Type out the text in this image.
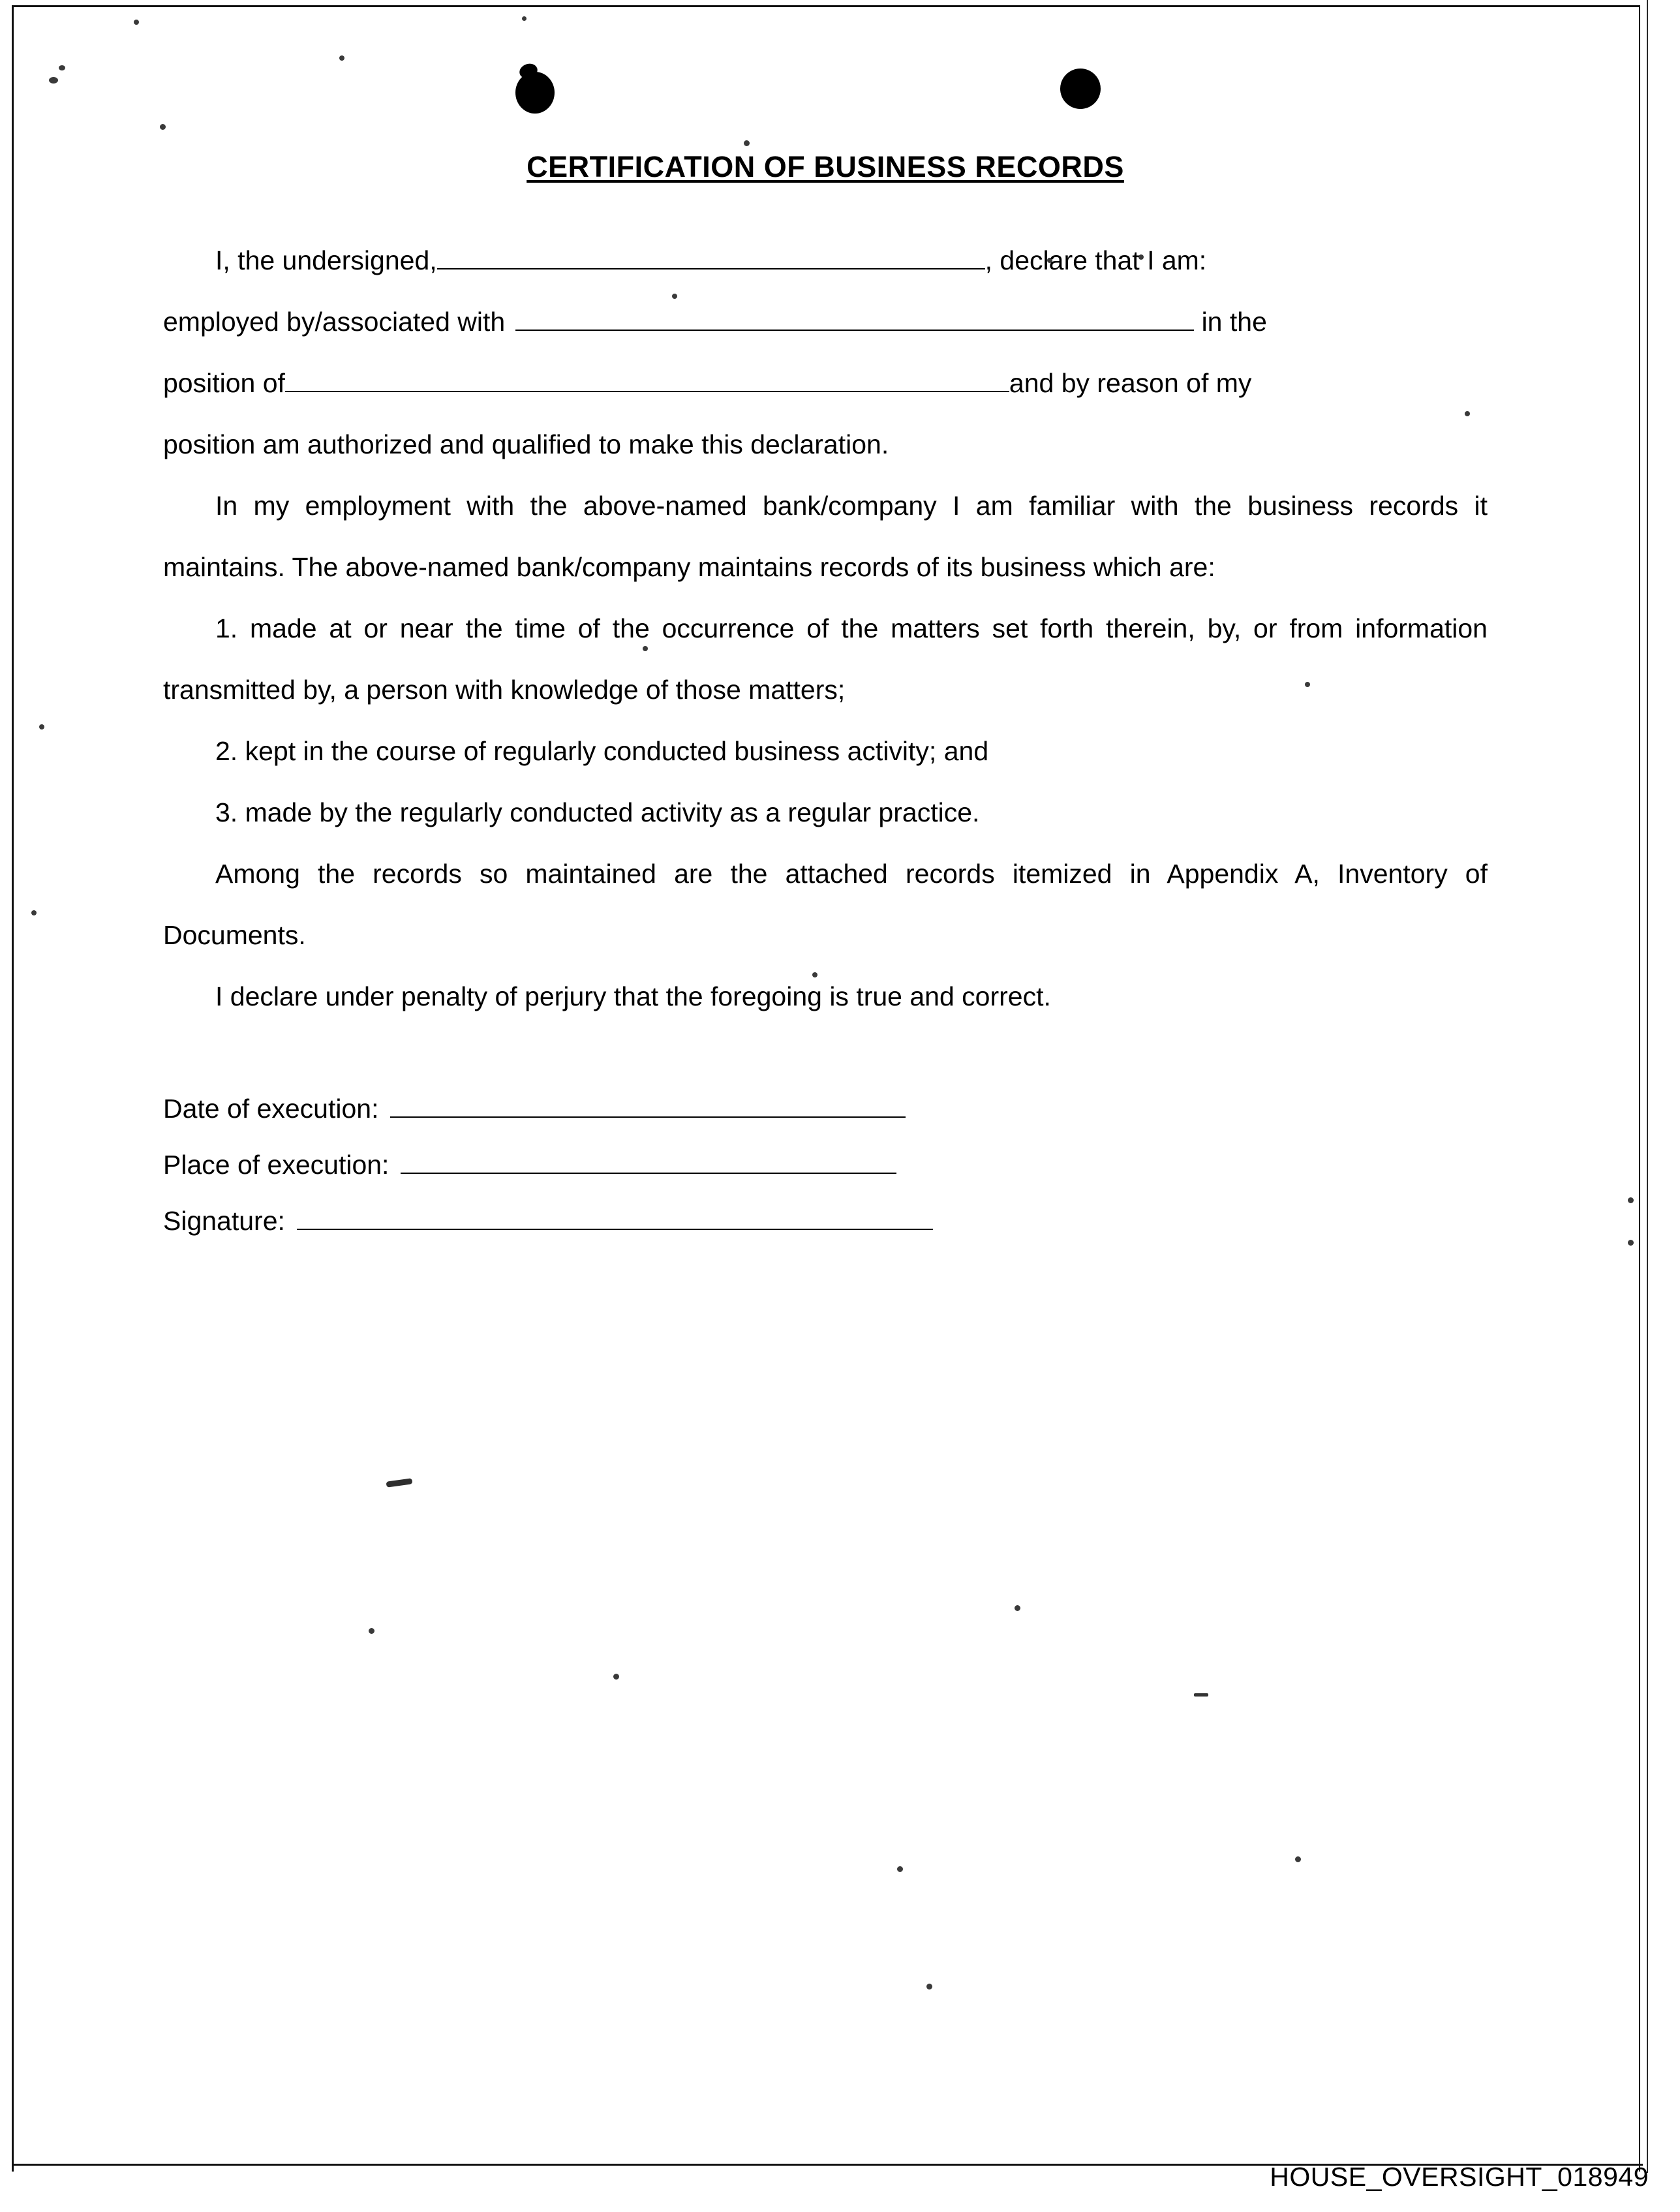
CERTIFICATION OF BUSINESS RECORDS

I, the undersigned,	, declare that I am:
employed by/associated with	in the
position of	and by reason of my
position am authorized and qualified to make this declaration.

In my employment with the above-named bank/company I am familiar with the business records it maintains. The above-named bank/company maintains records of its business which are:

1. made at or near the time of the occurrence of the matters set forth therein, by, or from information transmitted by, a person with knowledge of those matters;

2. kept in the course of regularly conducted business activity; and

3. made by the regularly conducted activity as a regular practice.

Among the records so maintained are the attached records itemized in Appendix A, Inventory of Documents.

I declare under penalty of perjury that the foregoing is true and correct.

Date of execution:
Place of execution:
Signature:
HOUSE_OVERSIGHT_018949
